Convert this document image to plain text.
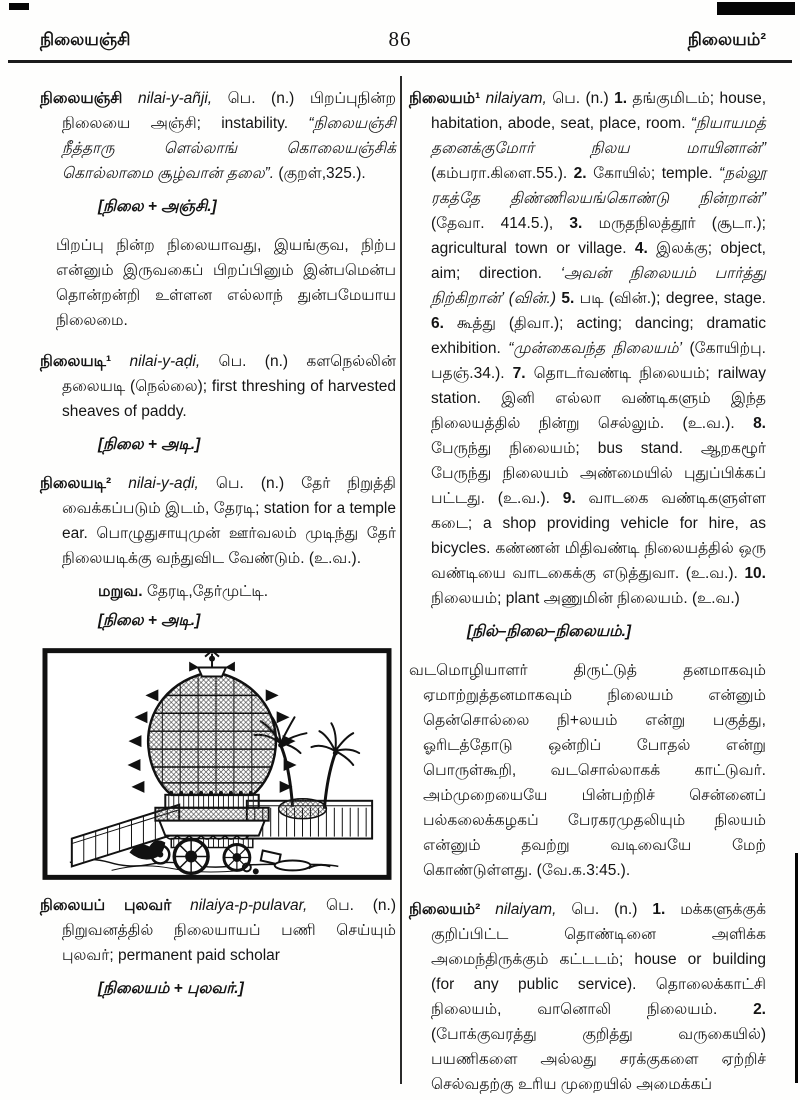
நிலையஞ்சி	86	நிலையம்²
நிலையஞ்சி nilai-y-añji, பெ. (n.) பிறப்புநின்ற நிலையை அஞ்சி; instability. “நிலையஞ்சி நீத்தாரு ளெல்லாங் கொலையஞ்சிக் கொல்லாமை சூழ்வான் தலை”. (குறள்,325.).
[நிலை + அஞ்சி.]
பிறப்பு நின்ற நிலையாவது, இயங்குவ, நிற்ப என்னும் இருவகைப் பிறப்பினும் இன்பமென்ப தொன்றன்றி உள்ளன எல்லாந் துன்பமேயாய நிலைமை.
நிலையடி¹ nilai-y-aḍi, பெ. (n.) களநெல்லின் தலையடி (நெல்லை); first threshing of harvested sheaves of paddy.
[நிலை + அடி.]
நிலையடி² nilai-y-aḍi, பெ. (n.) தேர் நிறுத்தி வைக்கப்படும் இடம், தேரடி; station for a temple ear. பொழுதுசாயுமுன் ஊர்வலம் முடிந்து தேர் நிலையடிக்கு வந்துவிட வேண்டும். (உ.வ.).
மறுவ. தேரடி,தேர்முட்டி.
[நிலை + அடி.]
நிலையப் புலவர் nilaiya-p-pulavar, பெ. (n.) நிறுவனத்தில் நிலையாயப் பணி செய்யும் புலவர்; permanent paid scholar
[நிலையம் + புலவர்.]
நிலையம்¹ nilaiyam, பெ. (n.) 1. தங்குமிடம்; house, habitation, abode, seat, place, room. “நியாயமத் தனைக்குமோர் நிலய மாயினான்” (கம்பரா.கிளை.55.). 2. கோயில்; temple. “நல்லூ ரகத்தே திண்ணிலயங்கொண்டு நின்றான்” (தேவா. 414.5.), 3. மருதநிலத்தூர் (சூடா.); agricultural town or village. 4. இலக்கு; object, aim; direction. ‘அவன் நிலையம் பார்த்து நிற்கிறான்’ (வின்.) 5. படி (வின்.); degree, stage. 6. கூத்து (திவா.); acting; dancing; dramatic exhibition. “முன்கைவந்த நிலையம்’ (கோயிற்பு. பதஞ்.34.). 7. தொடர்வண்டி நிலையம்; railway station. இனி எல்லா வண்டிகளும் இந்த நிலையத்தில் நின்று செல்லும். (உ.வ.). 8. பேருந்து நிலையம்; bus stand. ஆறகழூர் பேருந்து நிலையம் அண்மையில் புதுப்பிக்கப் பட்டது. (உ.வ.). 9. வாடகை வண்டிகளுள்ள கடை; a shop providing vehicle for hire, as bicycles. கண்ணன் மிதிவண்டி நிலையத்தில் ஒரு வண்டியை வாடகைக்கு எடுத்துவா. (உ.வ.). 10. நிலையம்; plant அணுமின் நிலையம். (உ.வ.)
[நில்–நிலை–நிலையம்.]
வடமொழியாளர் திருட்டுத் தனமாகவும் ஏமாற்றுத்தனமாகவும் நிலையம் என்னும் தென்சொல்லை நி+லயம் என்று பகுத்து, ஓரிடத்தோடு ஒன்றிப் போதல் என்று பொருள்கூறி, வடசொல்லாகக் காட்டுவர். அம்முறையையே பின்பற்றிச் சென்னைப் பல்கலைக்கழகப் பேரகரமுதலியும் நிலயம் என்னும் தவற்று வடிவையே மேற் கொண்டுள்ளது. (வே.க.3:45.).
நிலையம்² nilaiyam, பெ. (n.) 1. மக்களுக்குக் குறிப்பிட்ட தொண்டினை அளிக்க அமைந்திருக்கும் கட்டடம்; house or building (for any public service). தொலைக்காட்சி நிலையம், வானொலி நிலையம். 2. (போக்குவரத்து குறித்து வருகையில்) பயணிகளை அல்லது சரக்குகளை ஏற்றிச் செல்வதற்கு உரிய முறையில் அமைக்கப்
